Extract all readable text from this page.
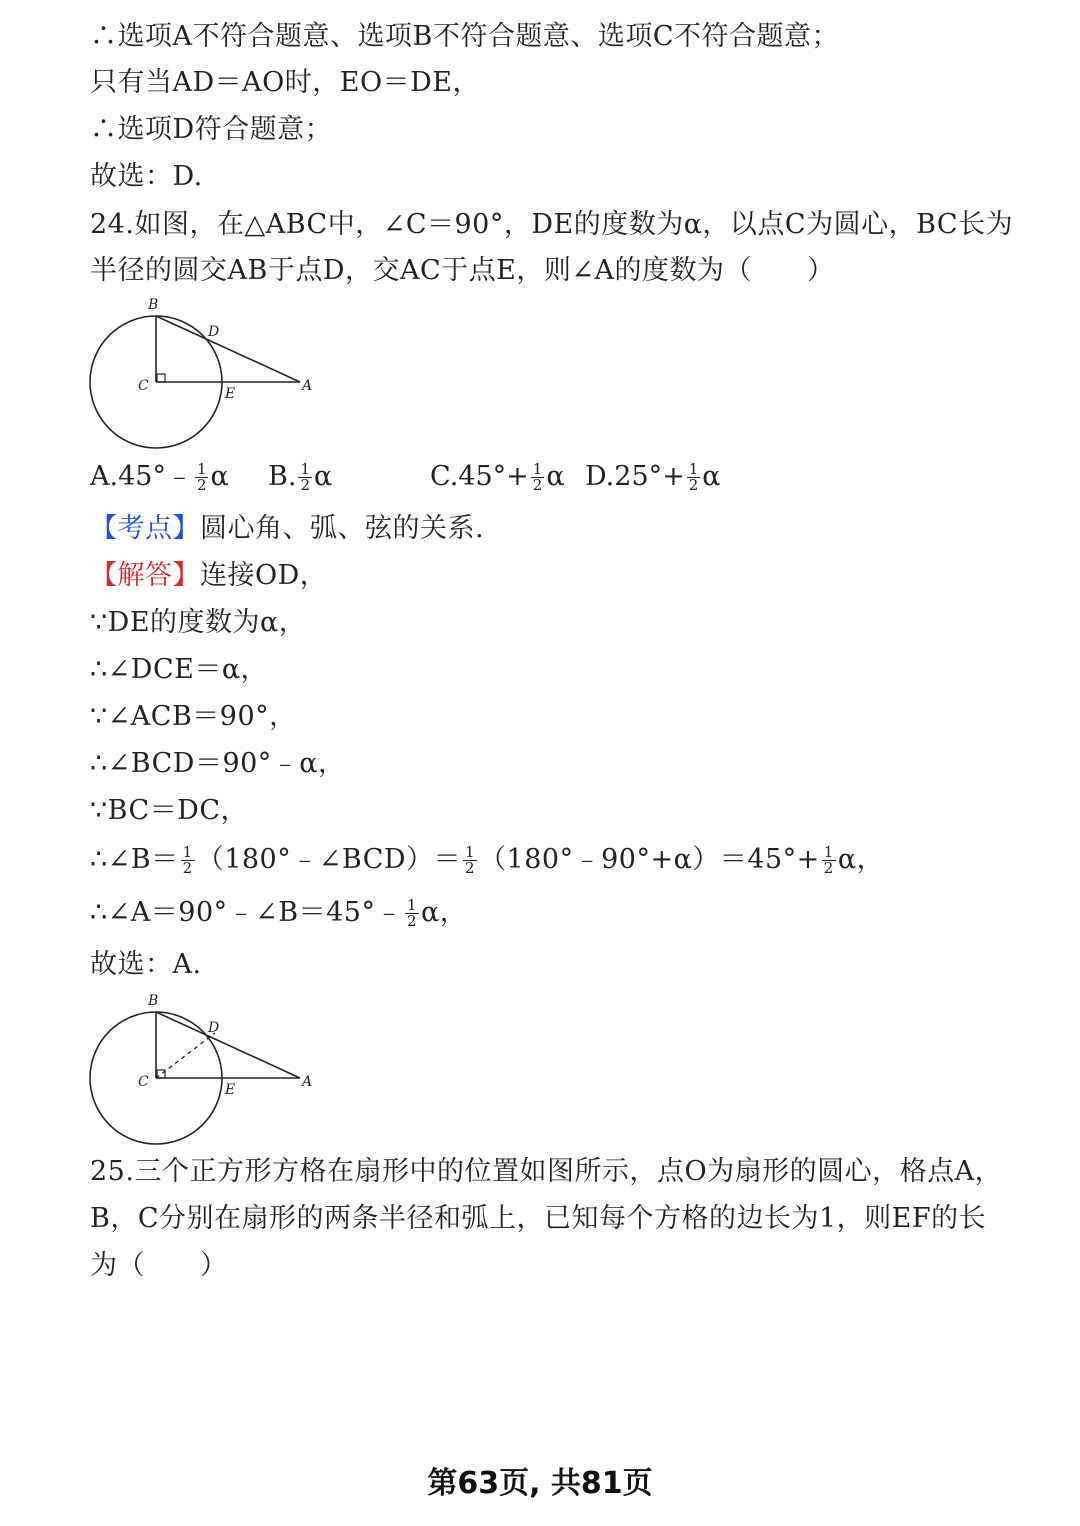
∴选项A不符合题意、选项B不符合题意、选项C不符合题意；
只有当AD＝AO时，EO＝DE，
∴选项D符合题意；
故选：D.
24.如图，在△ABC中，∠C＝90°，DE的度数为α，以点C为圆心，BC长为
半径的圆交AB于点D，交AC于点E，则∠A的度数为（　　）
B
D
C	E	A
A.45°﹣ $\frac{1}{2}$ α B. $\frac{1}{2}$ α	$C.45^\circ+ \frac{1}{2}$ α $D.25^\circ+ \frac{1}{2}$ α
【考点】圆心角、弧、弦的关系.
【解答】连接OD，
∵DE的度数为α，
∴∠DCE＝α，
∵∠ACB＝90°，
∴∠BCD＝90°﹣α，
∵BC＝DC，
∴∠B＝ $\frac{1}{2}$ （180°﹣∠BCD）＝ $\frac{1}{2}$ （180°﹣90°+α）＝45°+ $\frac{1}{2}$ α，
∴∠A＝90°﹣∠B＝45°﹣ $\frac{1}{2}$ α，
故选：A.
B
D
C	E	A
25.三个正方形方格在扇形中的位置如图所示，点O为扇形的圆心，格点A，
B，C分别在扇形的两条半径和弧上，已知每个方格的边长为1，则EF的长
为（　　）
第63页, 共81页
